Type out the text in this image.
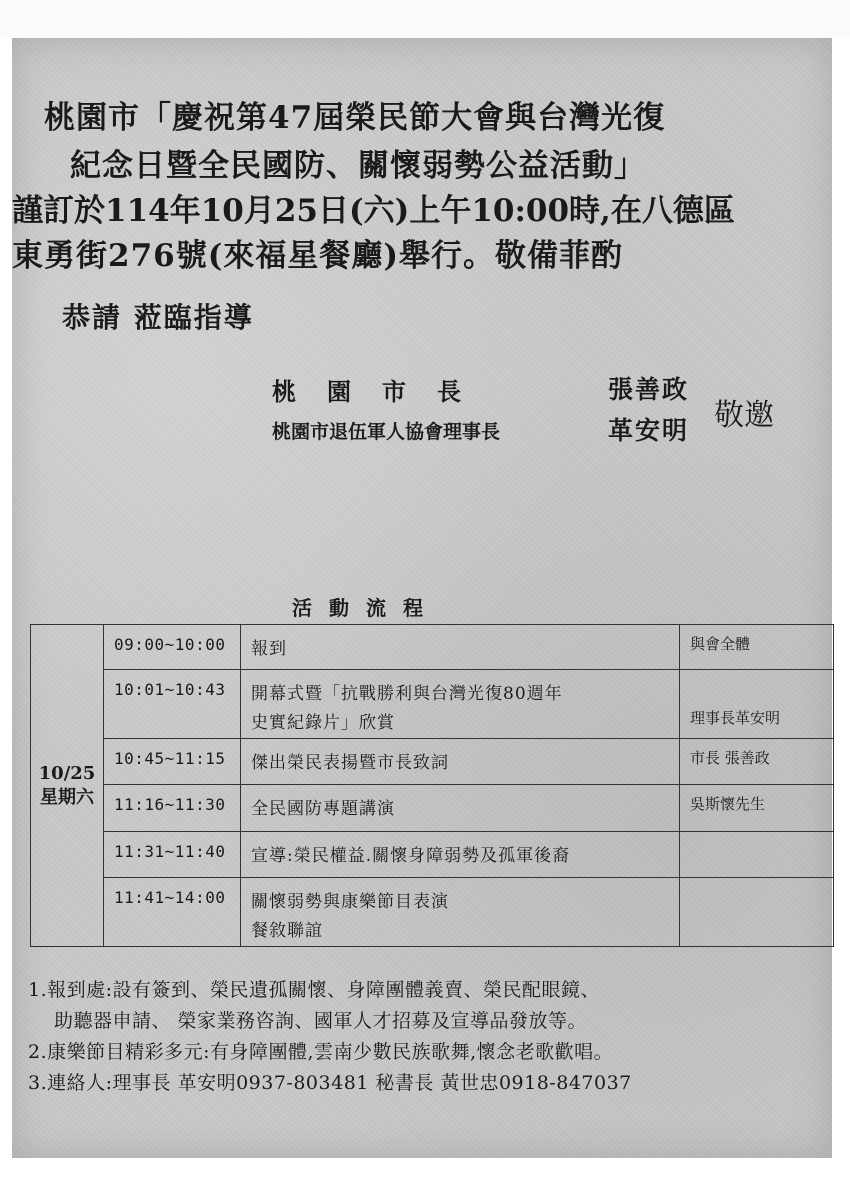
桃園市「慶祝第47屆榮民節大會與台灣光復
紀念日暨全民國防、關懷弱勢公益活動」
謹訂於114年10月25日(六)上午10:00時,在八德區
東勇街276號(來福星餐廳)舉行。敬備菲酌
恭請 蒞臨指導
桃園市長	張善政
桃園市退伍軍人協會理事長	革安明 敬邀
活動流程
10/25
星期六	09:00~10:00	報到	與會全體
	10:01~10:43	開幕式暨「抗戰勝利與台灣光復80週年
史實紀錄片」欣賞	理事長革安明
	10:45~11:15	傑出榮民表揚暨市長致詞	市長 張善政
	11:16~11:30	全民國防專題講演	吳斯懷先生
	11:31~11:40	宣導:榮民權益.關懷身障弱勢及孤軍後裔	

	11:41~14:00	關懷弱勢與康樂節目表演
餐敘聯誼	

1.報到處:設有簽到、榮民遺孤關懷、身障團體義賣、榮民配眼鏡、
助聽器申請、 榮家業務咨詢、國軍人才招募及宣導品發放等。
2.康樂節目精彩多元:有身障團體,雲南少數民族歌舞,懷念老歌歡唱。
3.連絡人:理事長 革安明0937-803481 秘書長 黃世忠0918-847037
